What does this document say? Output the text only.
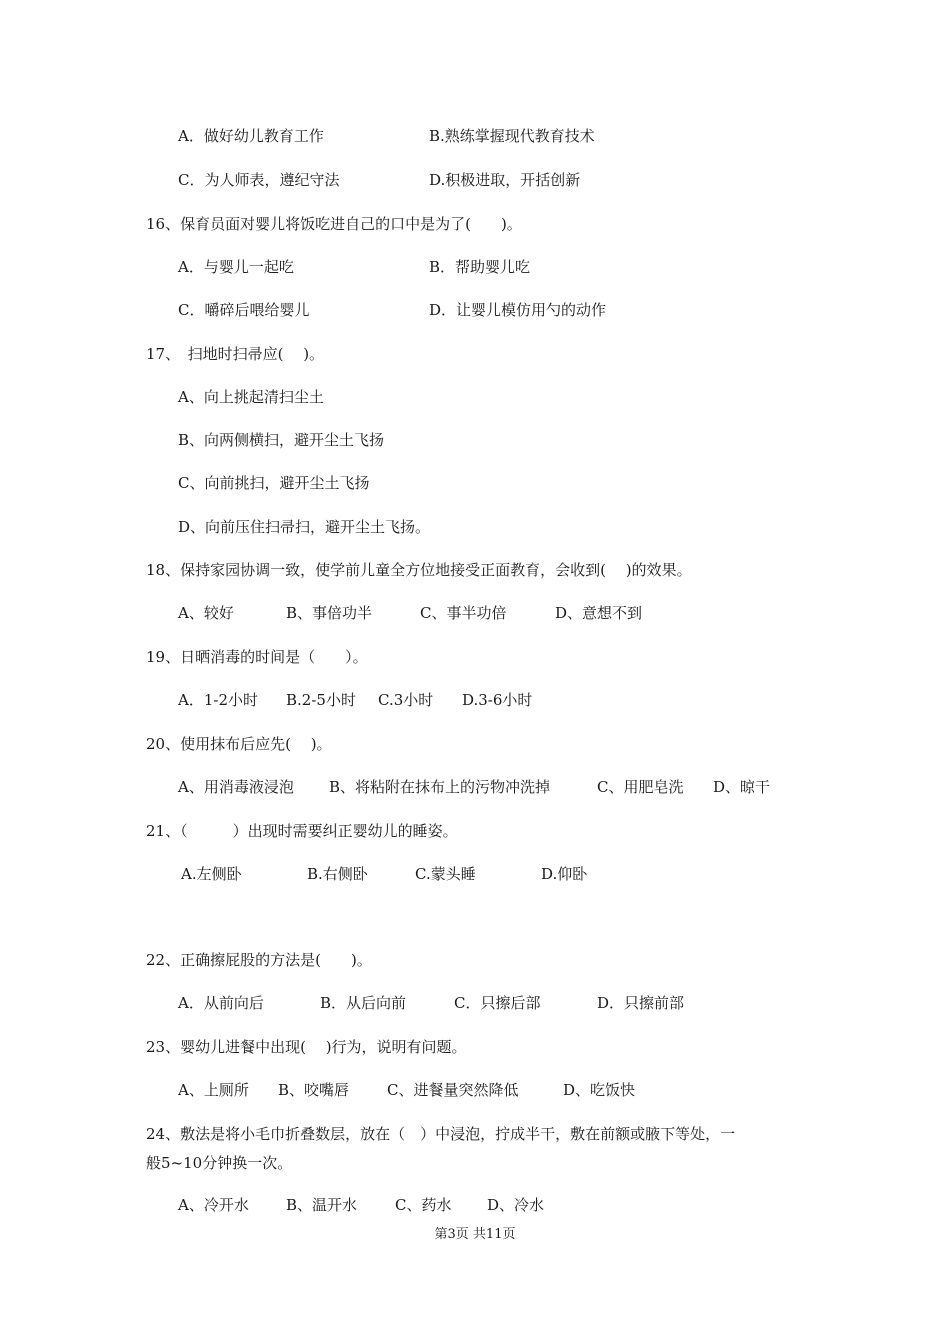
A．做好幼儿教育工作	B.熟练掌握现代教育技术
C．为人师表，遵纪守法	D.积极进取，开括创新
16、保育员面对婴儿将饭吃进自己的口中是为了(　　)。
A．与婴儿一起吃	B．帮助婴儿吃
C．嚼碎后喂给婴儿	D．让婴儿模仿用勺的动作
17、　扫地时扫帚应(　 )。
A、向上挑起清扫尘土
B、向两侧横扫，避开尘土飞扬
C、向前挑扫，避开尘土飞扬
D、向前压住扫帚扫，避开尘土飞扬。
18、保持家园协调一致，使学前儿童全方位地接受正面教育，会收到(　 )的效果。
A、较好	B、事倍功半	C、事半功倍	D、意想不到
19、日晒消毒的时间是（　　）。
A．1-2小时 B.2-5小时 C.3小时 D.3-6小时
20、使用抹布后应先(　 )。
A、用消毒液浸泡 B、将粘附在抹布上的污物冲洗掉	C、用肥皂洗 D、晾干
21、（　　　）出现时需要纠正婴幼儿的睡姿。
A.左侧卧	B.右侧卧	C.蒙头睡	D.仰卧
22、正确擦屁股的方法是(　　)。
A．从前向后	B．从后向前	C．只擦后部	D．只擦前部
23、婴幼儿进餐中出现(　 )行为，说明有问题。
A、上厕所 B、咬嘴唇	C、进餐量突然降低	D、吃饭快
24、敷法是将小毛巾折叠数层，放在（　）中浸泡，拧成半干，敷在前额或腋下等处，一
般5~10分钟换一次。
A、冷开水 B、温开水	C、药水 D、冷水
第3页 共11页
